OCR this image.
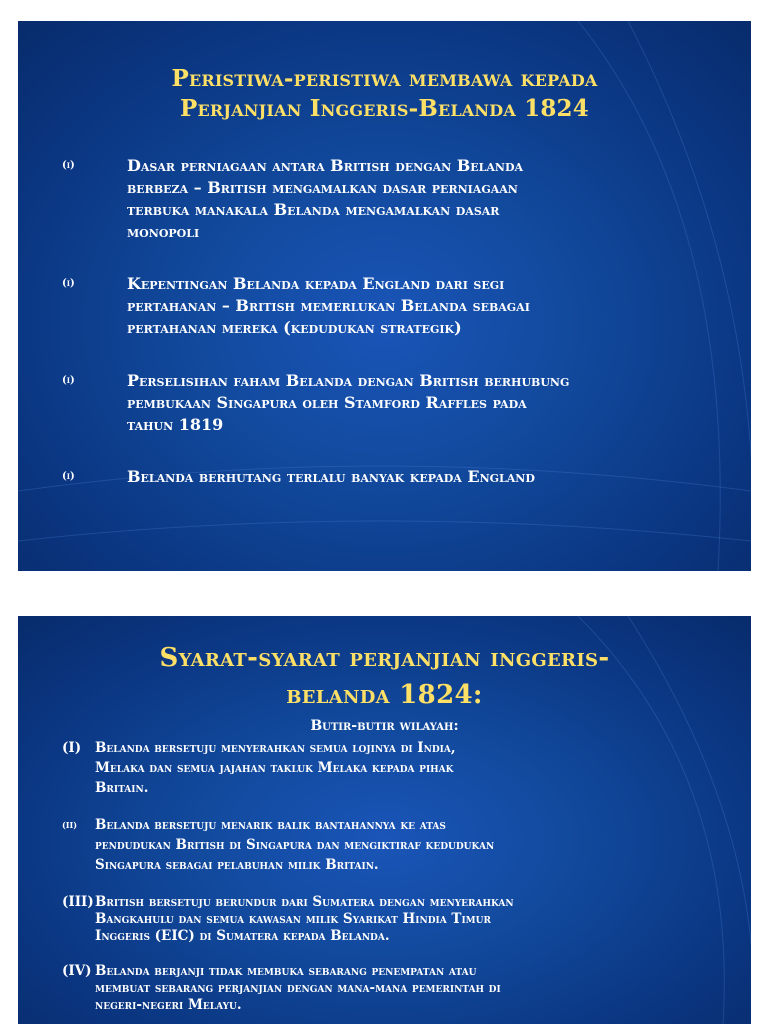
Peristiwa-peristiwa membawa kepada
Perjanjian Inggeris-Belanda 1824
(i)	Dasar perniagaan antara British dengan Belanda
berbeza – British mengamalkan dasar perniagaan
terbuka manakala Belanda mengamalkan dasar
monopoli
(i)	Kepentingan Belanda kepada England dari segi
pertahanan – British memerlukan Belanda sebagai
pertahanan mereka (kedudukan strategik)
(i)	Perselisihan faham Belanda dengan British berhubung
pembukaan Singapura oleh Stamford Raffles pada
tahun 1819
(i)	Belanda berhutang terlalu banyak kepada England
Syarat-syarat perjanjian inggeris-
belanda 1824:
Butir-butir wilayah:
(I) Belanda bersetuju menyerahkan semua lojinya di India,
Melaka dan semua jajahan takluk Melaka kepada pihak
Britain.
(II) Belanda bersetuju menarik balik bantahannya ke atas
pendudukan British di Singapura dan mengiktiraf kedudukan
Singapura sebagai pelabuhan milik Britain.
(III) British bersetuju berundur dari Sumatera dengan menyerahkan
Bangkahulu dan semua kawasan milik Syarikat Hindia Timur
Inggeris (EIC) di Sumatera kepada Belanda.
(IV) Belanda berjanji tidak membuka sebarang penempatan atau
membuat sebarang perjanjian dengan mana-mana pemerintah di
negeri-negeri Melayu.
